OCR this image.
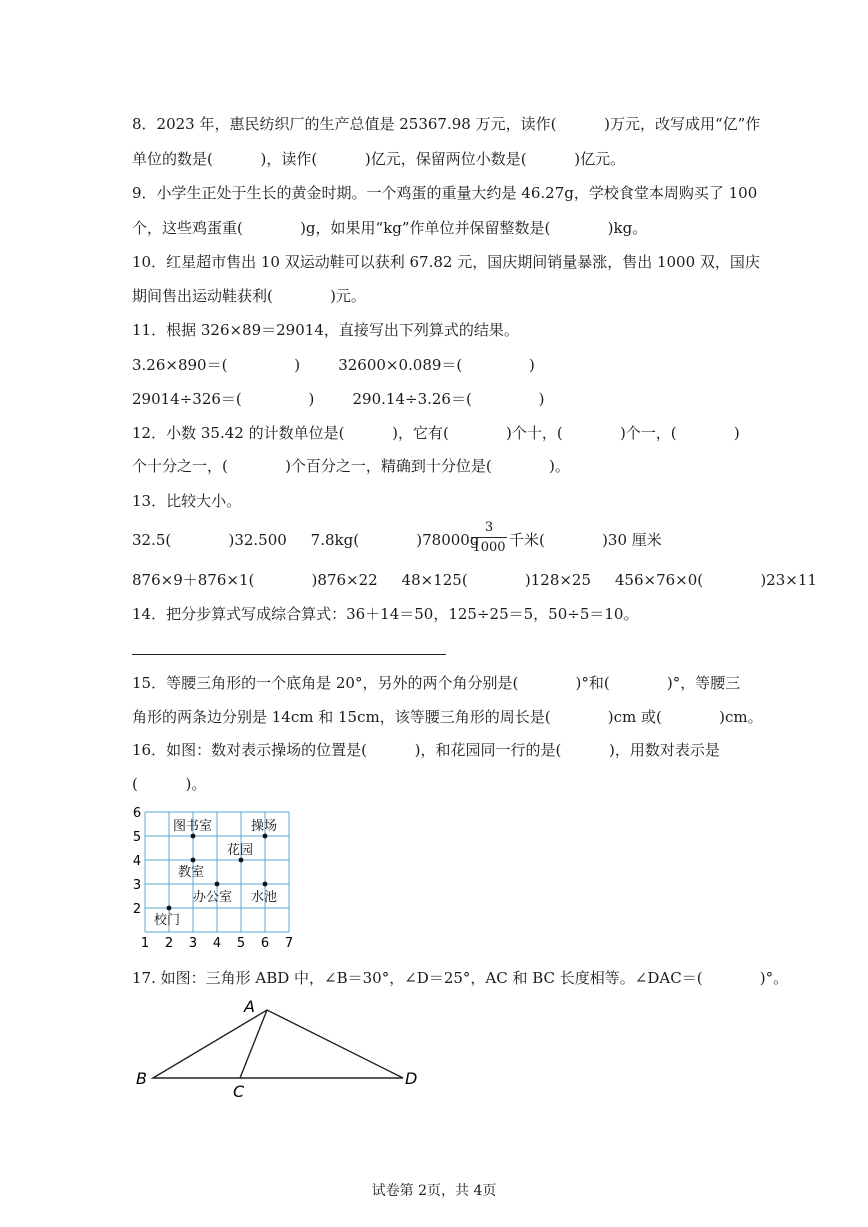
8．2023 年，惠民纺织厂的生产总值是 25367.98 万元，读作(          )万元，改写成用“亿”作
单位的数是(          )，读作(          )亿元，保留两位小数是(          )亿元。
9．小学生正处于生长的黄金时期。一个鸡蛋的重量大约是 46.27g，学校食堂本周购买了 100
个，这些鸡蛋重(            )g，如果用“kg”作单位并保留整数是(            )kg。
10．红星超市售出 10 双运动鞋可以获利 67.82 元，国庆期间销量暴涨，售出 1000 双，国庆
期间售出运动鞋获利(            )元。
11．根据 326×89＝29014，直接写出下列算式的结果。
3.26×890＝(              )        32600×0.089＝(              )
29014÷326＝(              )        290.14÷3.26＝(              )
12．小数 35.42 的计数单位是(          )，它有(            )个十，(            )个一，(            )
个十分之一，(            )个百分之一，精确到十分位是(            )。
13．比较大小。
32.5(            )32.500     7.8kg(            )78000g
3
1000 千米(            )30 厘米
876×9＋876×1(            )876×22     48×125(            )128×25     456×76×0(            )23×11
14．把分步算式写成综合算式：36＋14＝50，125÷25＝5，50÷5＝10。
15．等腰三角形的一个底角是 20°，另外的两个角分别是(            )°和(            )°，等腰三
角形的两条边分别是 14cm 和 15cm，该等腰三角形的周长是(            )cm 或(            )cm。
16．如图：数对表示操场的位置是(          )，和花园同一行的是(          )，用数对表示是
(          )。
1 2 3 4 5 6 7
2
3
4
5
6
图书室	操场
花园
教室
办公室 水池
校门
17. 如图：三角形 ABD 中，∠B＝30°，∠D＝25°，AC 和 BC 长度相等。∠DAC＝(            )°。
A
B
C
D
试卷第 2页，共 4页
